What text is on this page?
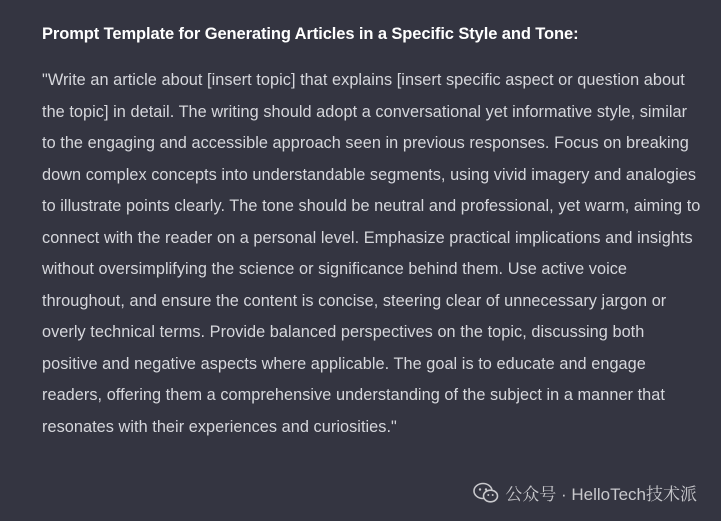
Prompt Template for Generating Articles in a Specific Style and Tone:

"Write an article about [insert topic] that explains [insert specific aspect or question about the topic] in detail. The writing should adopt a conversational yet informative style, similar to the engaging and accessible approach seen in previous responses. Focus on breaking down complex concepts into understandable segments, using vivid imagery and analogies to illustrate points clearly. The tone should be neutral and professional, yet warm, aiming to connect with the reader on a personal level. Emphasize practical implications and insights without oversimplifying the science or significance behind them. Use active voice throughout, and ensure the content is concise, steering clear of unnecessary jargon or overly technical terms. Provide balanced perspectives on the topic, discussing both positive and negative aspects where applicable. The goal is to educate and engage readers, offering them a comprehensive understanding of the subject in a manner that resonates with their experiences and curiosities."

公众号 · HelloTech技术派
